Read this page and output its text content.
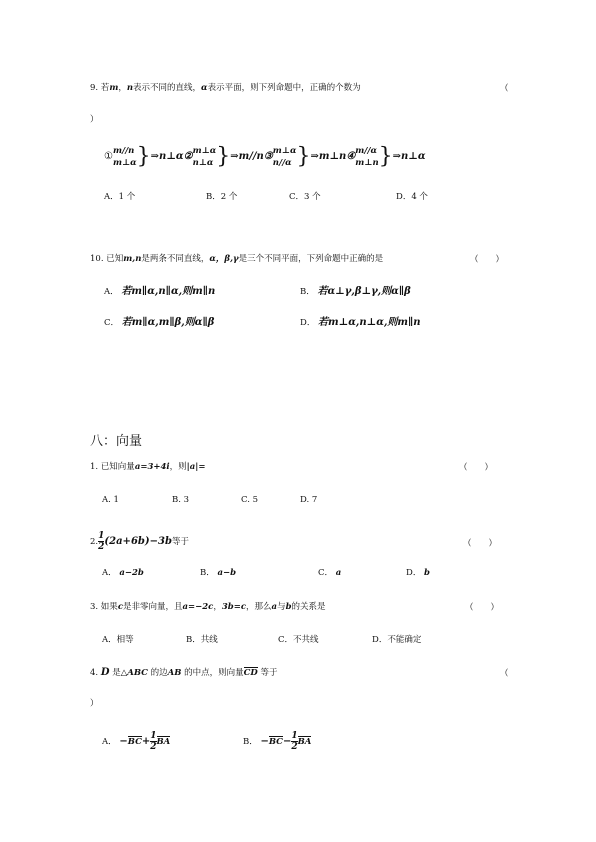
9. 若m，n表示不同的直线，α表示平面，则下列命题中，正确的个数为	（
）
①
m//n
m⊥α }⇒n⊥α②
m⊥α
n⊥α }⇒m//n③
m⊥α
n//α }⇒m⊥n④
m//α
m⊥n }⇒n⊥α
A．1 个	B．2 个	C．3 个	D．4 个
10. 已知m,n是两条不同直线，α，β,γ是三个不同平面，下列命题中正确的是	（　　）
A． 若m∥α,n∥α,则m∥n	B． 若α⊥γ,β⊥γ,则α∥β
C． 若m∥α,m∥β,则α∥β	D． 若m⊥α,n⊥α,则m∥n
八：向量
1. 已知向量a=3+4i，则|a|=	（　　）
A. 1	B. 3	C. 5	D. 7
2. $\frac{1}{2} (2a+6b)-3b$等于	（　　）
A． a−2b	B． a−b	C． a	D． b
3. 如果c是非零向量，且a=−2c，3b=c，那么a与b的关系是	（　　）
A．相等	B．共线	C．不共线	D．不能确定
4. D 是△ABC 的边AB 的中点，则向量CD 等于	（
）
A． $-BC+ \frac{1}{2}$ BA	B． $-BC- \frac{1}{2}$ BA
